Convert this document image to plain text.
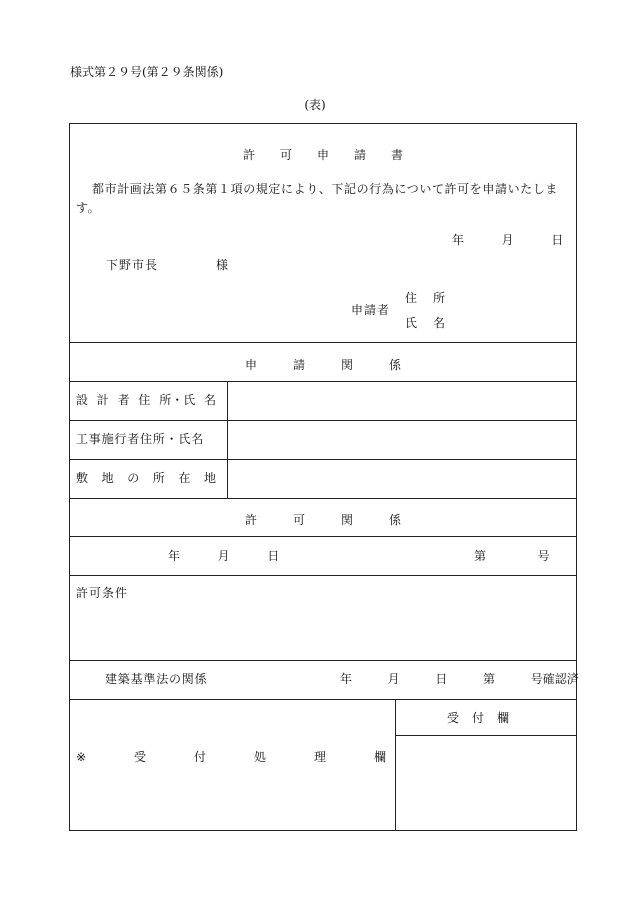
様式第２９号(第２９条関係)
(表)
許 可 申 請 書
都市計画法第６５条第１項の規定により、下記の行為について許可を申請いたします。
年	月	日
下野市長	様
申請者
住 所
氏 名
申	請	関	係
設 計 者 住 所・氏 名
工事施行者住所・氏名
敷 地 の 所 在 地
許	可	関	係
年	月	日	第	号
許可条件
建築基準法の関係	年	月	日	第	号確認済
※	受	付	処	理	欄
受 付 欄
